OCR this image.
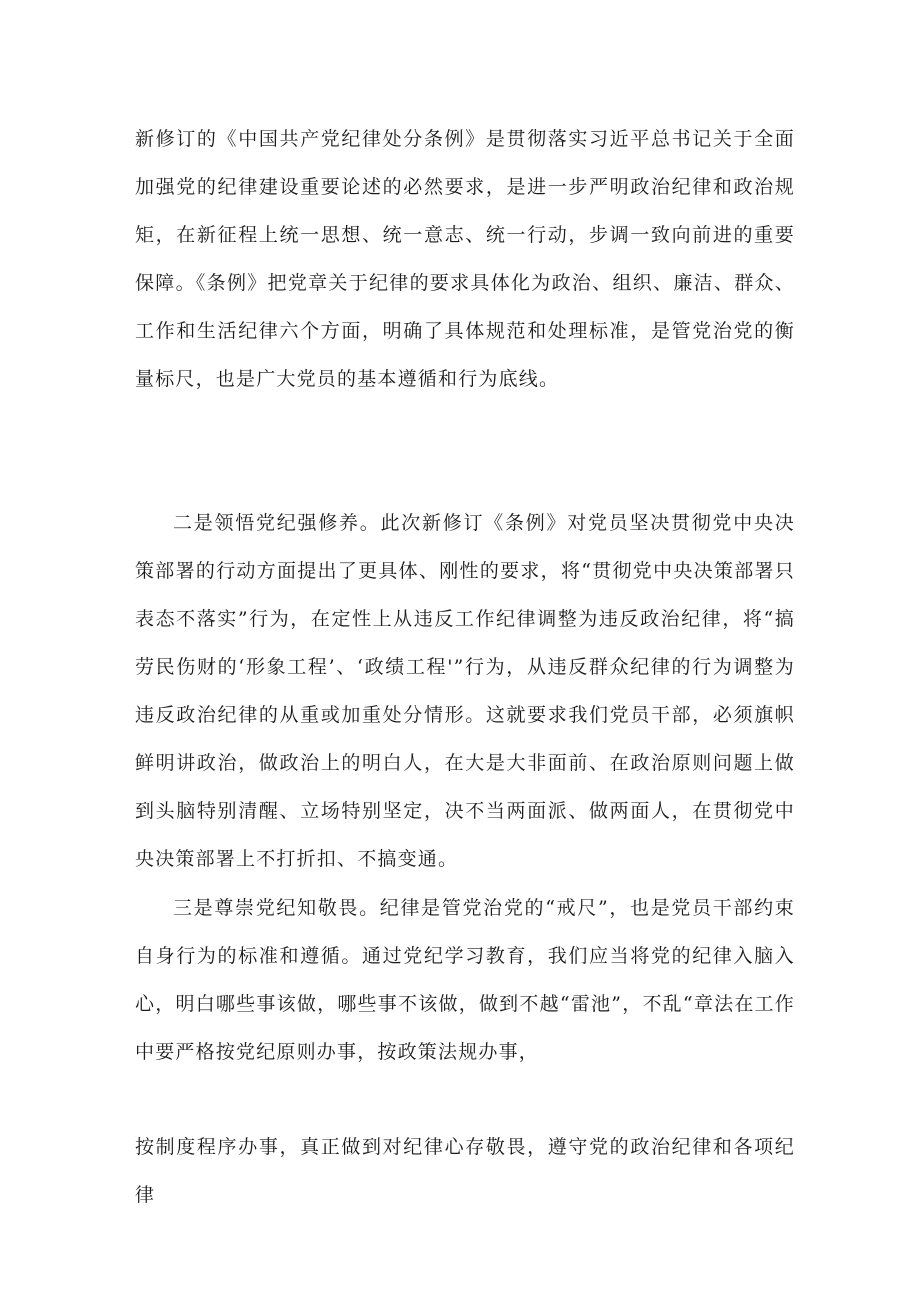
新修订的《中国共产党纪律处分条例》是贯彻落实习近平总书记关于全面加强党的纪律建设重要论述的必然要求，是进一步严明政治纪律和政治规矩，在新征程上统一思想、统一意志、统一行动，步调一致向前进的重要保障。《条例》把党章关于纪律的要求具体化为政治、组织、廉洁、群众、工作和生活纪律六个方面，明确了具体规范和处理标准，是管党治党的衡量标尺，也是广大党员的基本遵循和行为底线。

二是领悟党纪强修养。此次新修订《条例》对党员坚决贯彻党中央决策部署的行动方面提出了更具体、刚性的要求，将“贯彻党中央决策部署只表态不落实”行为，在定性上从违反工作纪律调整为违反政治纪律，将“搞劳民伤财的‘形象工程’、‘政绩工程'”行为，从违反群众纪律的行为调整为违反政治纪律的从重或加重处分情形。这就要求我们党员干部，必须旗帜鲜明讲政治，做政治上的明白人，在大是大非面前、在政治原则问题上做到头脑特别清醒、立场特别坚定，决不当两面派、做两面人，在贯彻党中央决策部署上不打折扣、不搞变通。

三是尊崇党纪知敬畏。纪律是管党治党的“戒尺”，也是党员干部约束自身行为的标准和遵循。通过党纪学习教育，我们应当将党的纪律入脑入心，明白哪些事该做，哪些事不该做，做到不越“雷池”，不乱“章法在工作中要严格按党纪原则办事，按政策法规办事，

按制度程序办事，真正做到对纪律心存敬畏，遵守党的政治纪律和各项纪律
